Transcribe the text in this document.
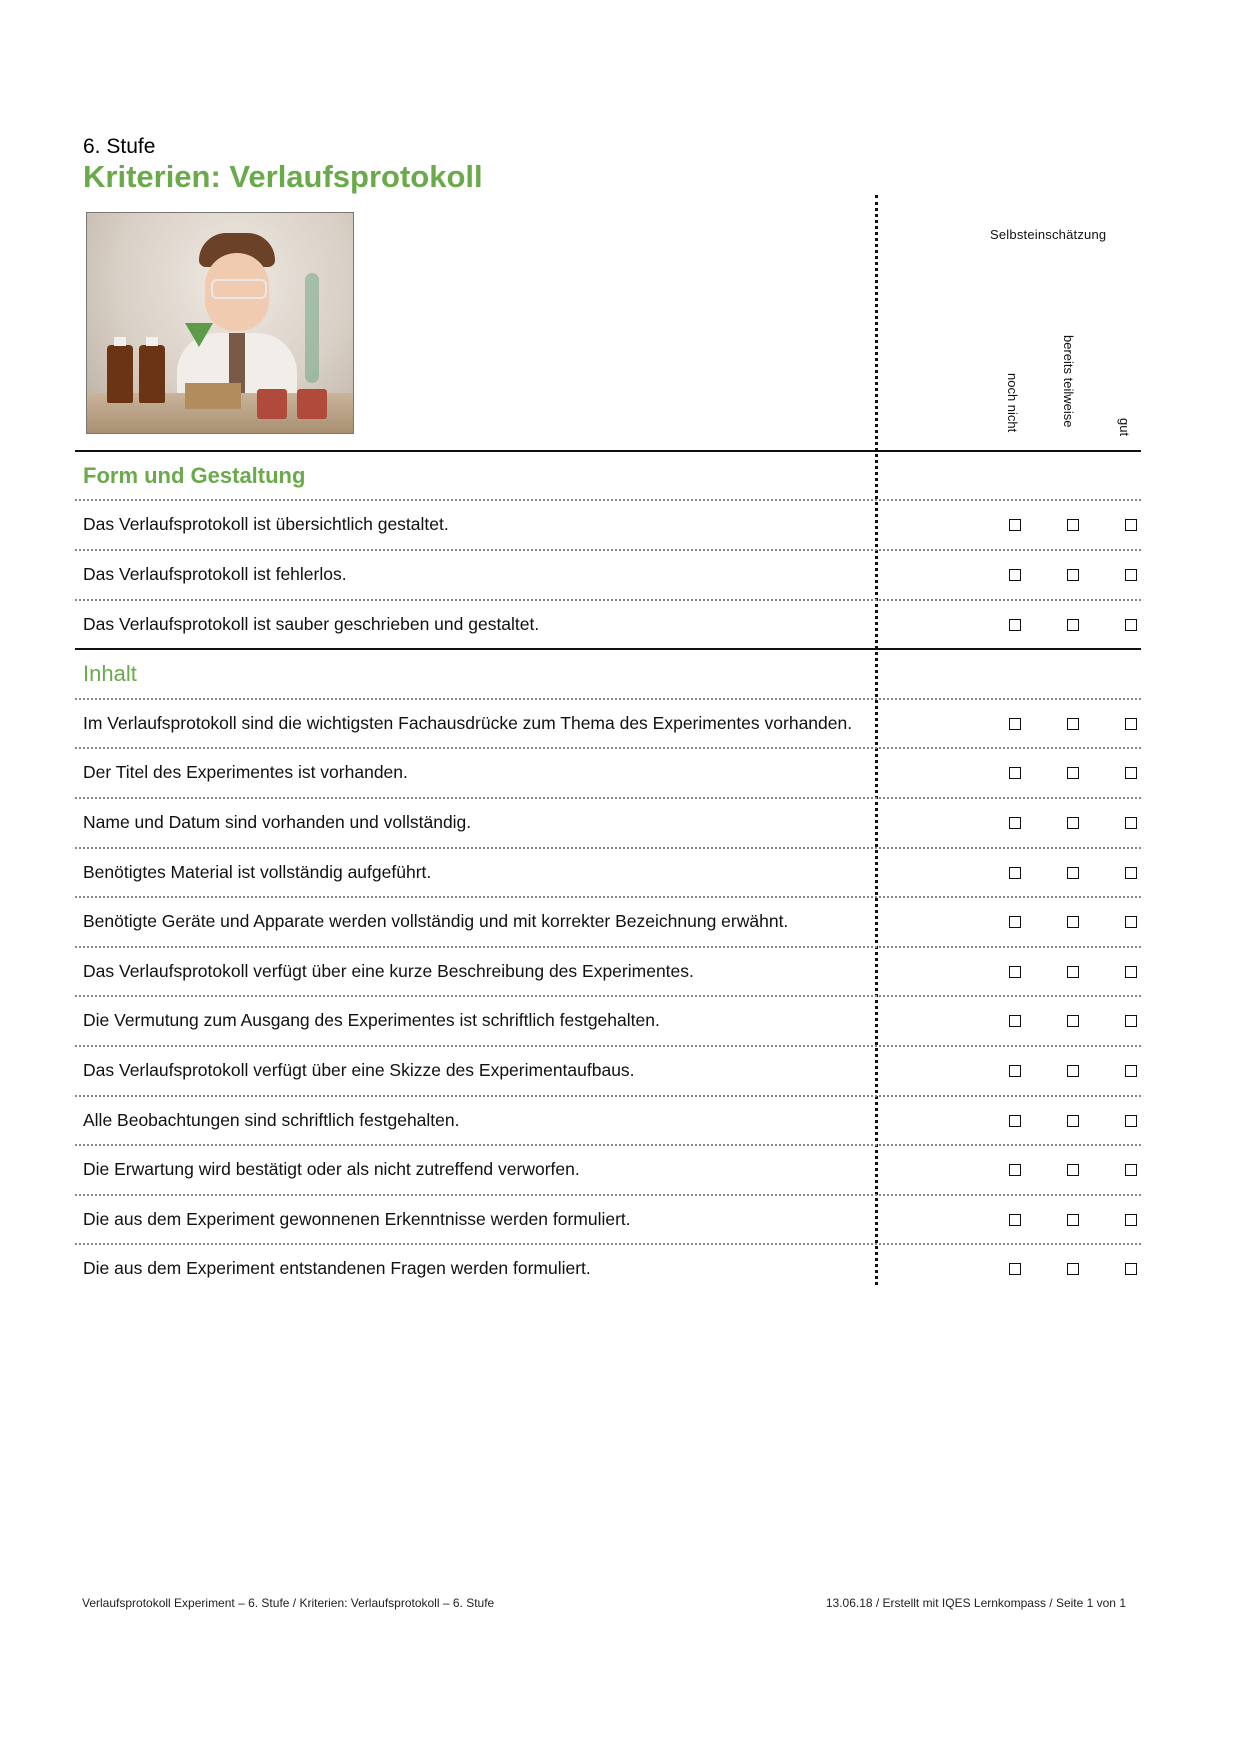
6. Stufe
Kriterien: Verlaufsprotokoll
Selbsteinschätzung
noch nicht	bereits teilweise	gut
Form und Gestaltung
Das Verlaufsprotokoll ist übersichtlich gestaltet.
Das Verlaufsprotokoll ist fehlerlos.
Das Verlaufsprotokoll ist sauber geschrieben und gestaltet.
Inhalt
Im Verlaufsprotokoll sind die wichtigsten Fachausdrücke zum Thema des Experimentes vorhanden.
Der Titel des Experimentes ist vorhanden.
Name und Datum sind vorhanden und vollständig.
Benötigtes Material ist vollständig aufgeführt.
Benötigte Geräte und Apparate werden vollständig und mit korrekter Bezeichnung erwähnt.
Das Verlaufsprotokoll verfügt über eine kurze Beschreibung des Experimentes.
Die Vermutung zum Ausgang des Experimentes ist schriftlich festgehalten.
Das Verlaufsprotokoll verfügt über eine Skizze des Experimentaufbaus.
Alle Beobachtungen sind schriftlich festgehalten.
Die Erwartung wird bestätigt oder als nicht zutreffend verworfen.
Die aus dem Experiment gewonnenen Erkenntnisse werden formuliert.
Die aus dem Experiment entstandenen Fragen werden formuliert.
Verlaufsprotokoll Experiment – 6. Stufe / Kriterien: Verlaufsprotokoll – 6. Stufe	13.06.18 / Erstellt mit IQES Lernkompass / Seite 1 von 1
